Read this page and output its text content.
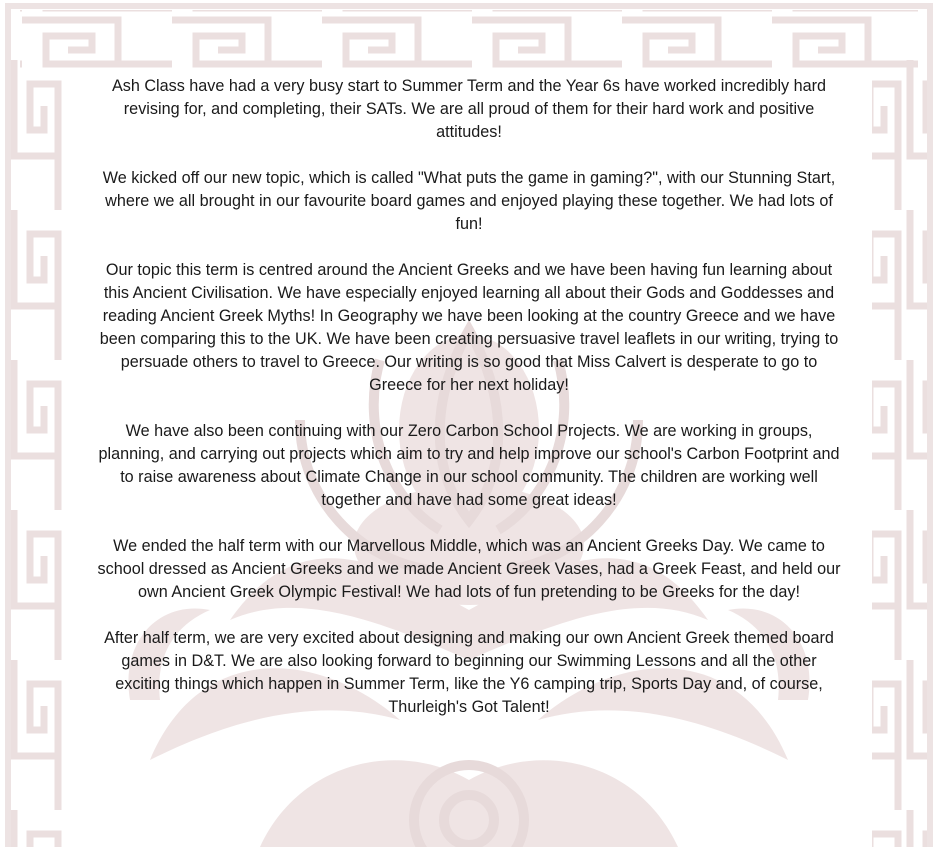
Ash Class have had a very busy start to Summer Term and the Year 6s have worked incredibly hard revising for, and completing, their SATs. We are all proud of them for their hard work and positive attitudes!

We kicked off our new topic, which is called "What puts the game in gaming?", with our Stunning Start, where we all brought in our favourite board games and enjoyed playing these together. We had lots of fun!

Our topic this term is centred around the Ancient Greeks and we have been having fun learning about this Ancient Civilisation. We have especially enjoyed learning all about their Gods and Goddesses and reading Ancient Greek Myths! In Geography we have been looking at the country Greece and we have been comparing this to the UK. We have been creating persuasive travel leaflets in our writing, trying to persuade others to travel to Greece. Our writing is so good that Miss Calvert is desperate to go to Greece for her next holiday!

We have also been continuing with our Zero Carbon School Projects. We are working in groups, planning, and carrying out projects which aim to try and help improve our school's Carbon Footprint and to raise awareness about Climate Change in our school community. The children are working well together and have had some great ideas!

We ended the half term with our Marvellous Middle, which was an Ancient Greeks Day. We came to school dressed as Ancient Greeks and we made Ancient Greek Vases, had a Greek Feast, and held our own Ancient Greek Olympic Festival! We had lots of fun pretending to be Greeks for the day!

After half term, we are very excited about designing and making our own Ancient Greek themed board games in D&T. We are also looking forward to beginning our Swimming Lessons and all the other exciting things which happen in Summer Term, like the Y6 camping trip, Sports Day and, of course, Thurleigh's Got Talent!
